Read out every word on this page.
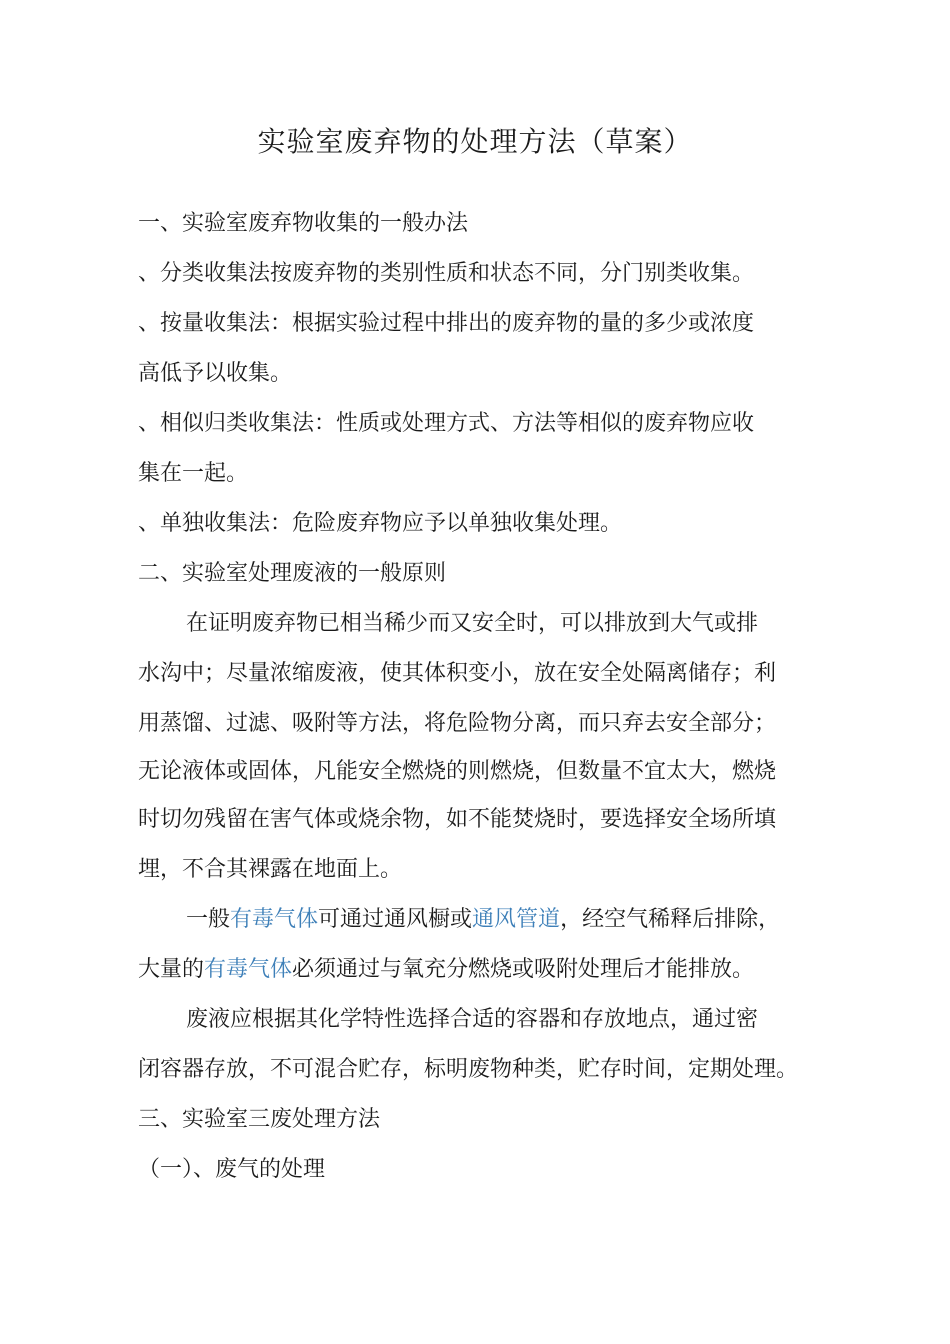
实验室废弃物的处理方法（草案）
一、实验室废弃物收集的一般办法
、分类收集法按废弃物的类别性质和状态不同，分门别类收集。
、按量收集法：根据实验过程中排出的废弃物的量的多少或浓度
高低予以收集。
、相似归类收集法：性质或处理方式、方法等相似的废弃物应收
集在一起。
、单独收集法：危险废弃物应予以单独收集处理。
二、实验室处理废液的一般原则
在证明废弃物已相当稀少而又安全时，可以排放到大气或排
水沟中；尽量浓缩废液，使其体积变小，放在安全处隔离储存；利
用蒸馏、过滤、吸附等方法，将危险物分离，而只弃去安全部分；
无论液体或固体，凡能安全燃烧的则燃烧，但数量不宜太大，燃烧
时切勿残留在害气体或烧余物，如不能焚烧时，要选择安全场所填
埋，不合其裸露在地面上。
一般有毒气体可通过通风橱或通风管道，经空气稀释后排除，
大量的有毒气体必须通过与氧充分燃烧或吸附处理后才能排放。
废液应根据其化学特性选择合适的容器和存放地点，通过密
闭容器存放，不可混合贮存，标明废物种类，贮存时间，定期处理。
三、实验室三废处理方法
（一）、废气的处理
